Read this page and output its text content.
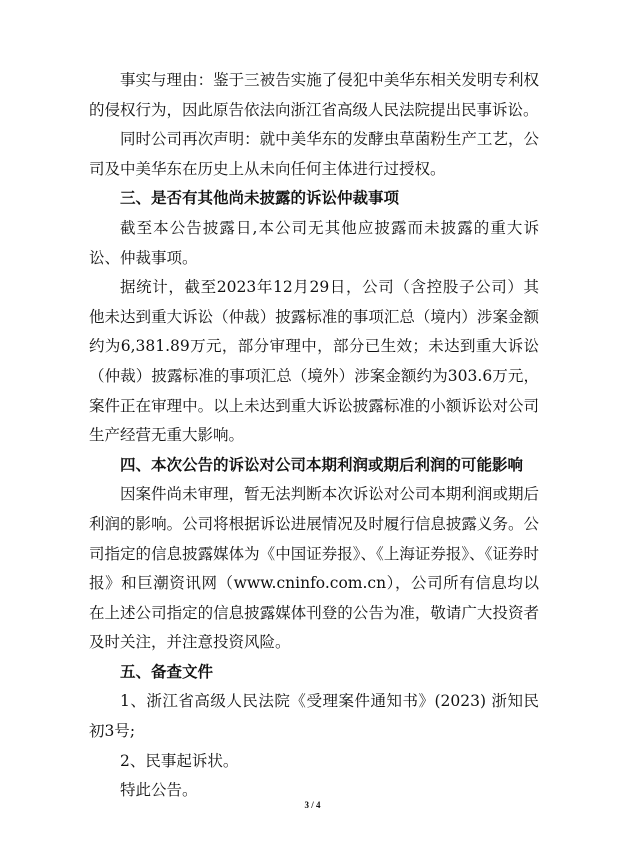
事实与理由：鉴于三被告实施了侵犯中美华东相关发明专利权的侵权行为，因此原告依法向浙江省高级人民法院提出民事诉讼。

同时公司再次声明：就中美华东的发酵虫草菌粉生产工艺，公司及中美华东在历史上从未向任何主体进行过授权。

三、是否有其他尚未披露的诉讼仲裁事项

截至本公告披露日,本公司无其他应披露而未披露的重大诉讼、仲裁事项。

据统计，截至2023年12月29日，公司（含控股子公司）其他未达到重大诉讼（仲裁）披露标准的事项汇总（境内）涉案金额约为6,381.89万元，部分审理中，部分已生效；未达到重大诉讼（仲裁）披露标准的事项汇总（境外）涉案金额约为303.6万元，案件正在审理中。以上未达到重大诉讼披露标准的小额诉讼对公司生产经营无重大影响。

四、本次公告的诉讼对公司本期利润或期后利润的可能影响

因案件尚未审理，暂无法判断本次诉讼对公司本期利润或期后利润的影响。公司将根据诉讼进展情况及时履行信息披露义务。公司指定的信息披露媒体为《中国证券报》、《上海证券报》、《证券时报》和巨潮资讯网（www.cninfo.com.cn），公司所有信息均以在上述公司指定的信息披露媒体刊登的公告为准，敬请广大投资者及时关注，并注意投资风险。

五、备查文件

1、浙江省高级人民法院《受理案件通知书》(2023) 浙知民初3号;

2、民事起诉状。

特此公告。

3 / 4
